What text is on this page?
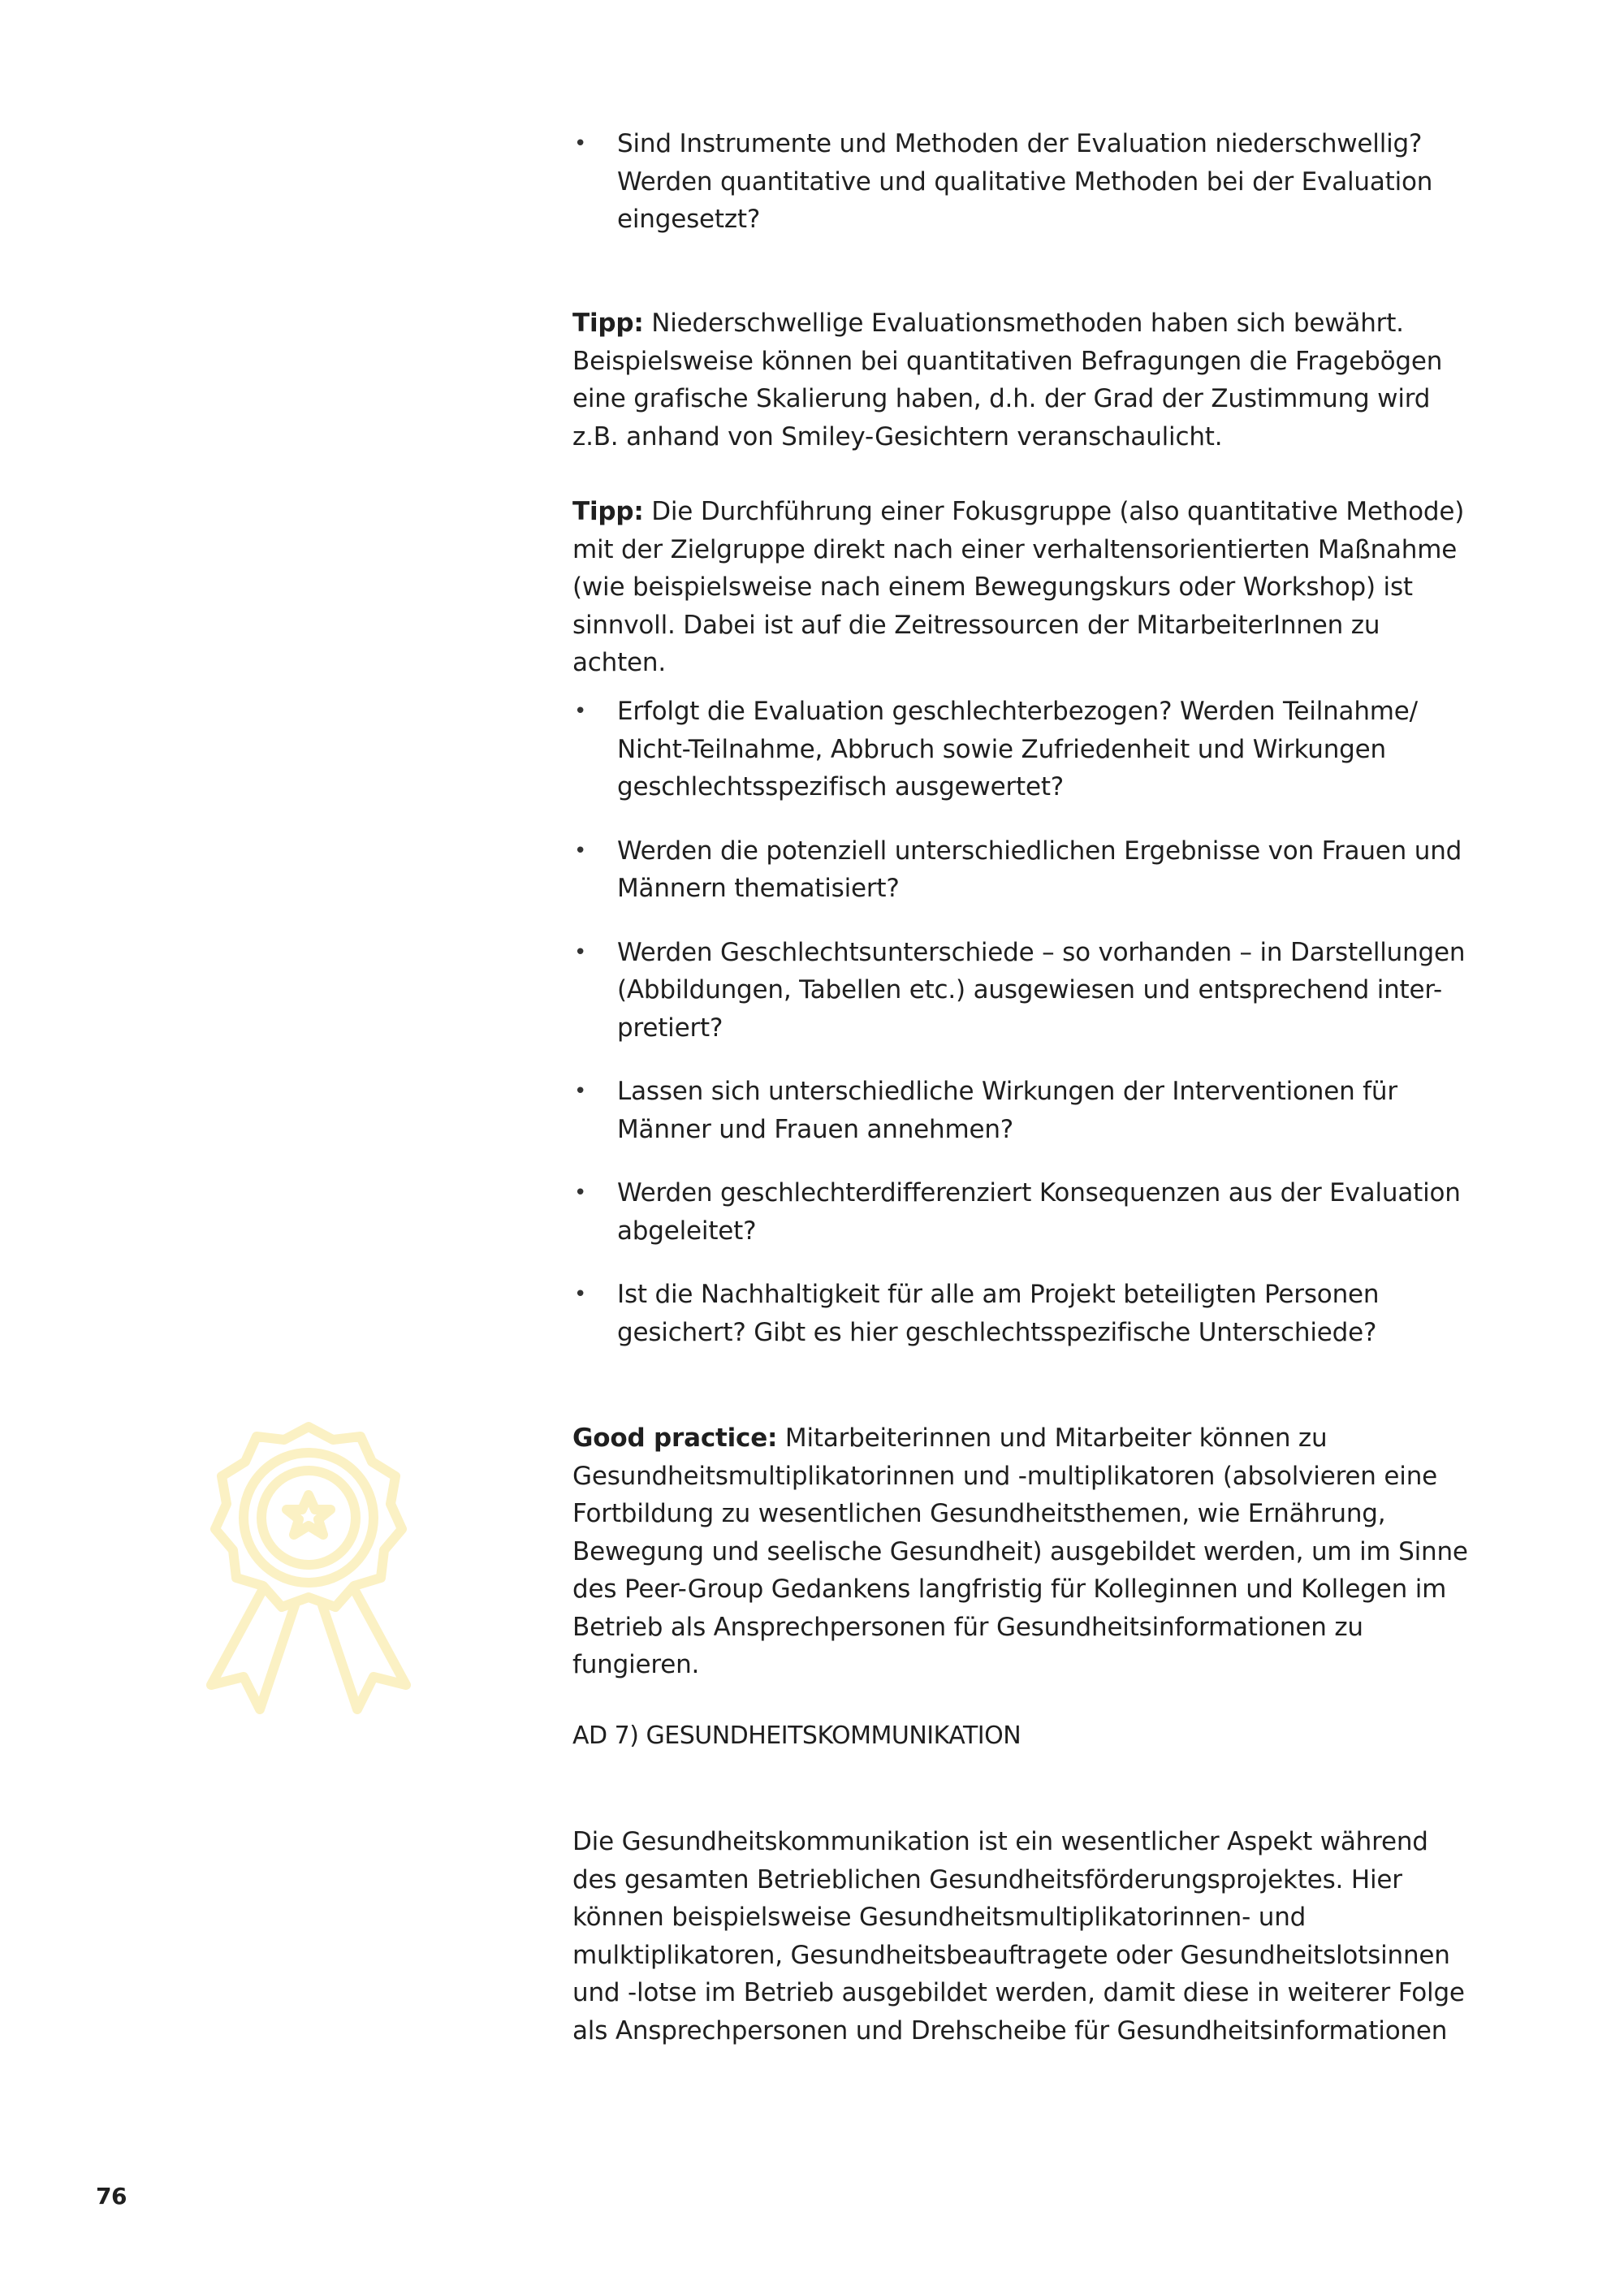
• Sind Instrumente und Methoden der Evaluation niederschwellig? Werden quantitative und qualitative Methoden bei der Evaluation eingesetzt?

Tipp: Niederschwellige Evaluationsmethoden haben sich bewährt. Beispielsweise können bei quantitativen Befragungen die Fragebögen eine grafische Skalierung haben, d.h. der Grad der Zustimmung wird z.B. anhand von Smiley-Gesichtern veranschaulicht.

Tipp: Die Durchführung einer Fokusgruppe (also quantitative Methode) mit der Zielgruppe direkt nach einer verhaltensorientierten Maßnahme (wie beispielsweise nach einem Bewegungskurs oder Workshop) ist sinnvoll. Dabei ist auf die Zeitressourcen der MitarbeiterInnen zu achten.

• Erfolgt die Evaluation geschlechterbezogen? Werden Teilnahme/ Nicht-Teilnahme, Abbruch sowie Zufriedenheit und Wirkungen geschlechtsspezifisch ausgewertet?
• Werden die potenziell unterschiedlichen Ergebnisse von Frauen und Männern thematisiert?
• Werden Geschlechtsunterschiede – so vorhanden – in Darstellungen (Abbildungen, Tabellen etc.) ausgewiesen und entsprechend inter- pretiert?
• Lassen sich unterschiedliche Wirkungen der Interventionen für Männer und Frauen annehmen?
• Werden geschlechterdifferenziert Konsequenzen aus der Evaluation abgeleitet?
• Ist die Nachhaltigkeit für alle am Projekt beteiligten Personen gesichert? Gibt es hier geschlechtsspezifische Unterschiede?

Good practice: Mitarbeiterinnen und Mitarbeiter können zu Gesundheitsmultiplikatorinnen und -multiplikatoren (absolvieren eine Fortbildung zu wesentlichen Gesundheitsthemen, wie Ernährung, Bewegung und seelische Gesundheit) ausgebildet werden, um im Sinne des Peer-Group Gedankens langfristig für Kolleginnen und Kollegen im Betrieb als Ansprechpersonen für Gesundheitsinformationen zu fungieren.

AD 7) GESUNDHEITSKOMMUNIKATION

Die Gesundheitskommunikation ist ein wesentlicher Aspekt während des gesamten Betrieblichen Gesundheitsförderungsprojektes. Hier können beispielsweise Gesundheitsmultiplikatorinnen- und mulktiplikatoren, Gesundheitsbeauftragete oder Gesundheitslotsinnen und -lotse im Betrieb ausgebildet werden, damit diese in weiterer Folge als Ansprechpersonen und Drehscheibe für Gesundheitsinformationen

76
